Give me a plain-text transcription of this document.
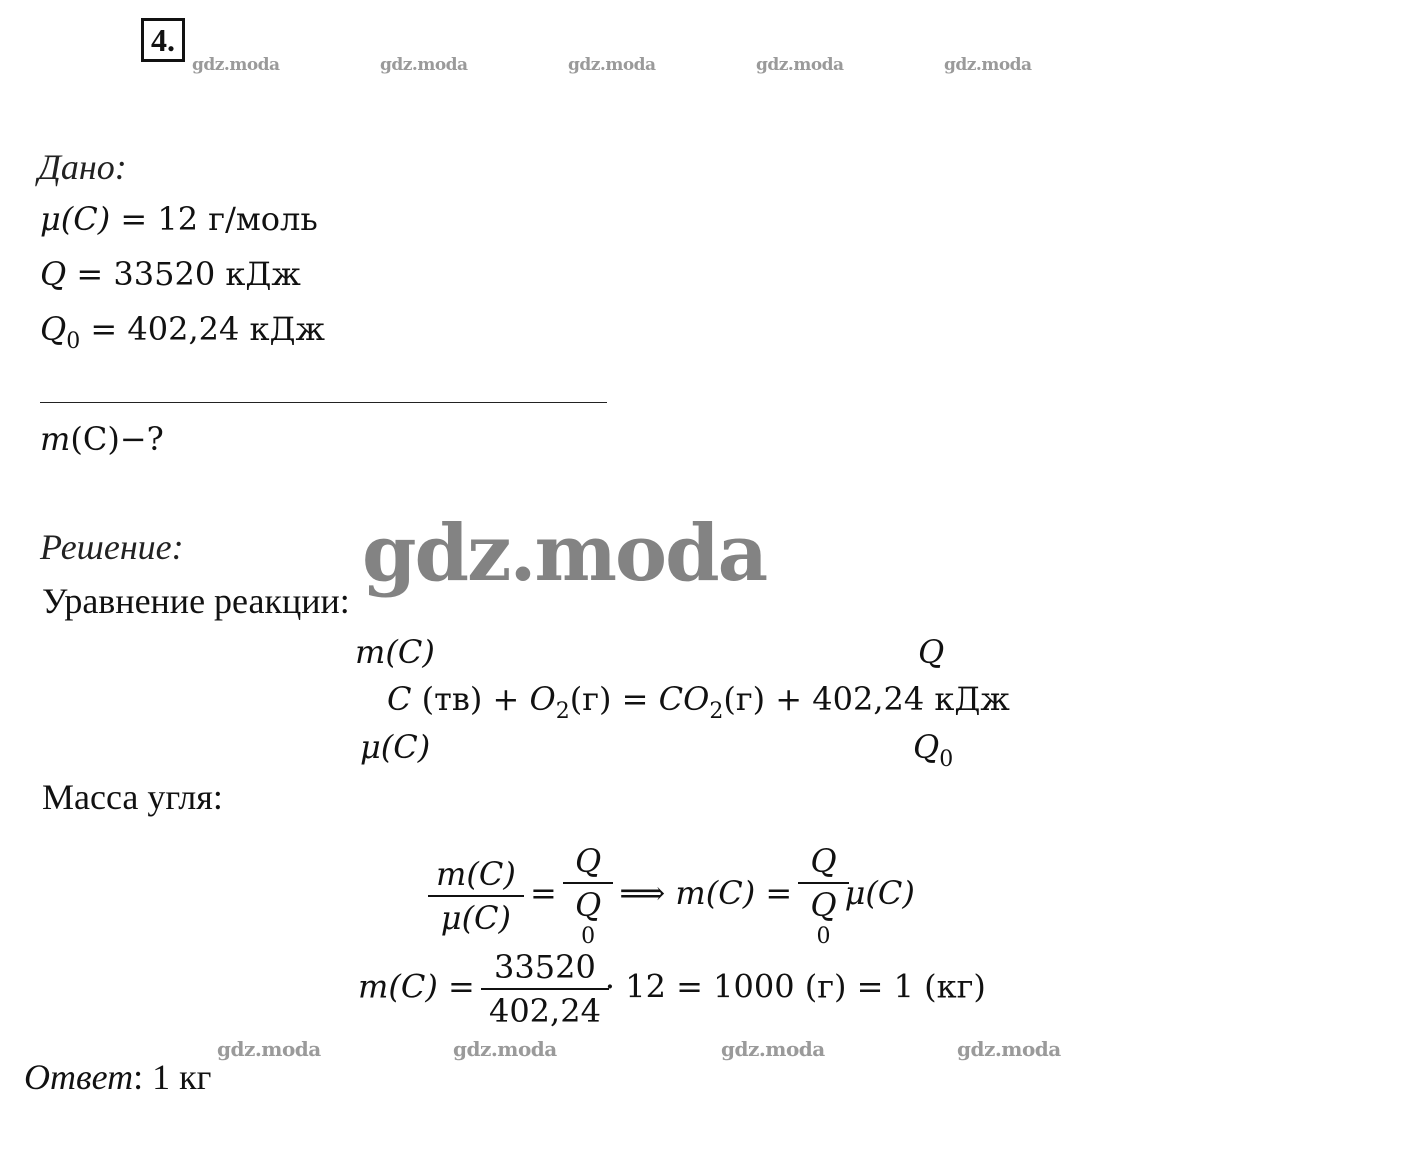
4.
gdz.moda	gdz.moda	gdz.moda	gdz.moda	gdz.moda
Дано:
μ(C) = 12 г/моль
Q = 33520 кДж
$Q_0 = 402,24$ кДж
m(C)−?
Решение: gdz.moda
Уравнение реакции:
m(C)	Q
C $(тв) + O_2(г) = CO_2(г) + 402,24$ кДж
μ(C)	$Q_0$
Масса угля:
$\frac{m(C)}{\mu(C)} = Q$
Q
0 ⟹ m(C) = Q
Q
0 μ(C)
$m(C) = \frac{33520}{402,24} \cdot 12 = 1000$ (г) = 1 (кг)
gdz.moda	gdz.moda	gdz.moda	gdz.moda
Ответ: 1 кг
